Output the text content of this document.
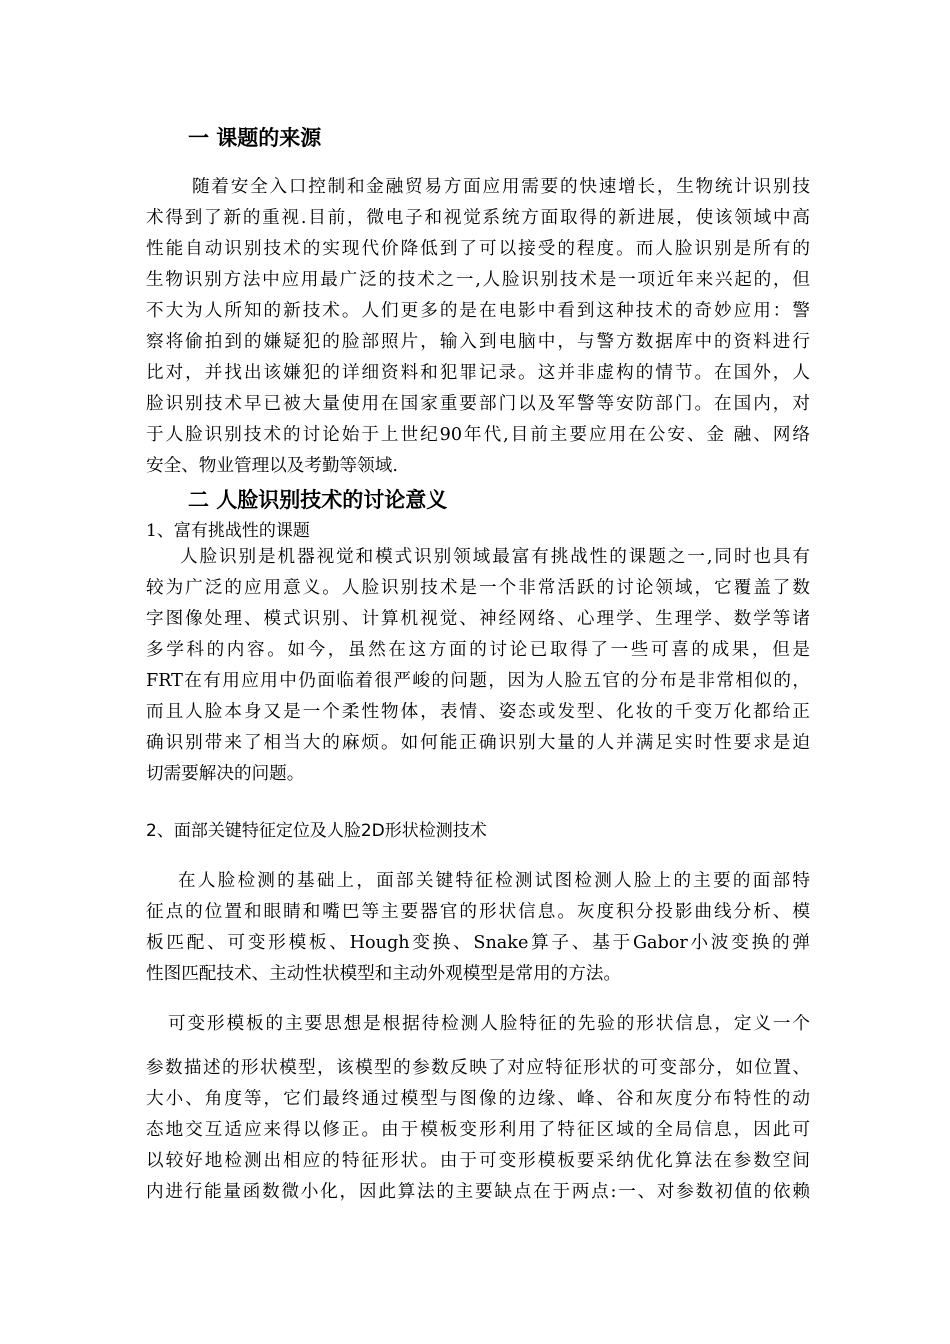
一 课题的来源
随着安全入口控制和金融贸易方面应用需要的快速增长，生物统计识别技
术得到了新的重视.目前，微电子和视觉系统方面取得的新进展，使该领域中高
性能自动识别技术的实现代价降低到了可以接受的程度。而人脸识别是所有的
生物识别方法中应用最广泛的技术之一,人脸识别技术是一项近年来兴起的，但
不大为人所知的新技术。人们更多的是在电影中看到这种技术的奇妙应用：警
察将偷拍到的嫌疑犯的脸部照片，输入到电脑中，与警方数据库中的资料进行
比对，并找出该嫌犯的详细资料和犯罪记录。这并非虚构的情节。在国外，人
脸识别技术早已被大量使用在国家重要部门以及军警等安防部门。在国内，对
于人脸识别技术的讨论始于上世纪90年代,目前主要应用在公安、金 融、网络
安全、物业管理以及考勤等领域.
二 人脸识别技术的讨论意义
1、富有挑战性的课题
人脸识别是机器视觉和模式识别领域最富有挑战性的课题之一,同时也具有
较为广泛的应用意义。人脸识别技术是一个非常活跃的讨论领域，它覆盖了数
字图像处理、模式识别、计算机视觉、神经网络、心理学、生理学、数学等诸
多学科的内容。如今，虽然在这方面的讨论已取得了一些可喜的成果，但是
FRT在有用应用中仍面临着很严峻的问题，因为人脸五官的分布是非常相似的，
而且人脸本身又是一个柔性物体，表情、姿态或发型、化妆的千变万化都给正
确识别带来了相当大的麻烦。如何能正确识别大量的人并满足实时性要求是迫
切需要解决的问题。
2、面部关键特征定位及人脸2D形状检测技术
在人脸检测的基础上，面部关键特征检测试图检测人脸上的主要的面部特
征点的位置和眼睛和嘴巴等主要器官的形状信息。灰度积分投影曲线分析、模
板匹配、可变形模板、Hough变换、Snake算子、基于Gabor小波变换的弹
性图匹配技术、主动性状模型和主动外观模型是常用的方法。
可变形模板的主要思想是根据待检测人脸特征的先验的形状信息，定义一个
参数描述的形状模型，该模型的参数反映了对应特征形状的可变部分，如位置、
大小、角度等，它们最终通过模型与图像的边缘、峰、谷和灰度分布特性的动
态地交互适应来得以修正。由于模板变形利用了特征区域的全局信息，因此可
以较好地检测出相应的特征形状。由于可变形模板要采纳优化算法在参数空间
内进行能量函数微小化，因此算法的主要缺点在于两点:一、对参数初值的依赖
